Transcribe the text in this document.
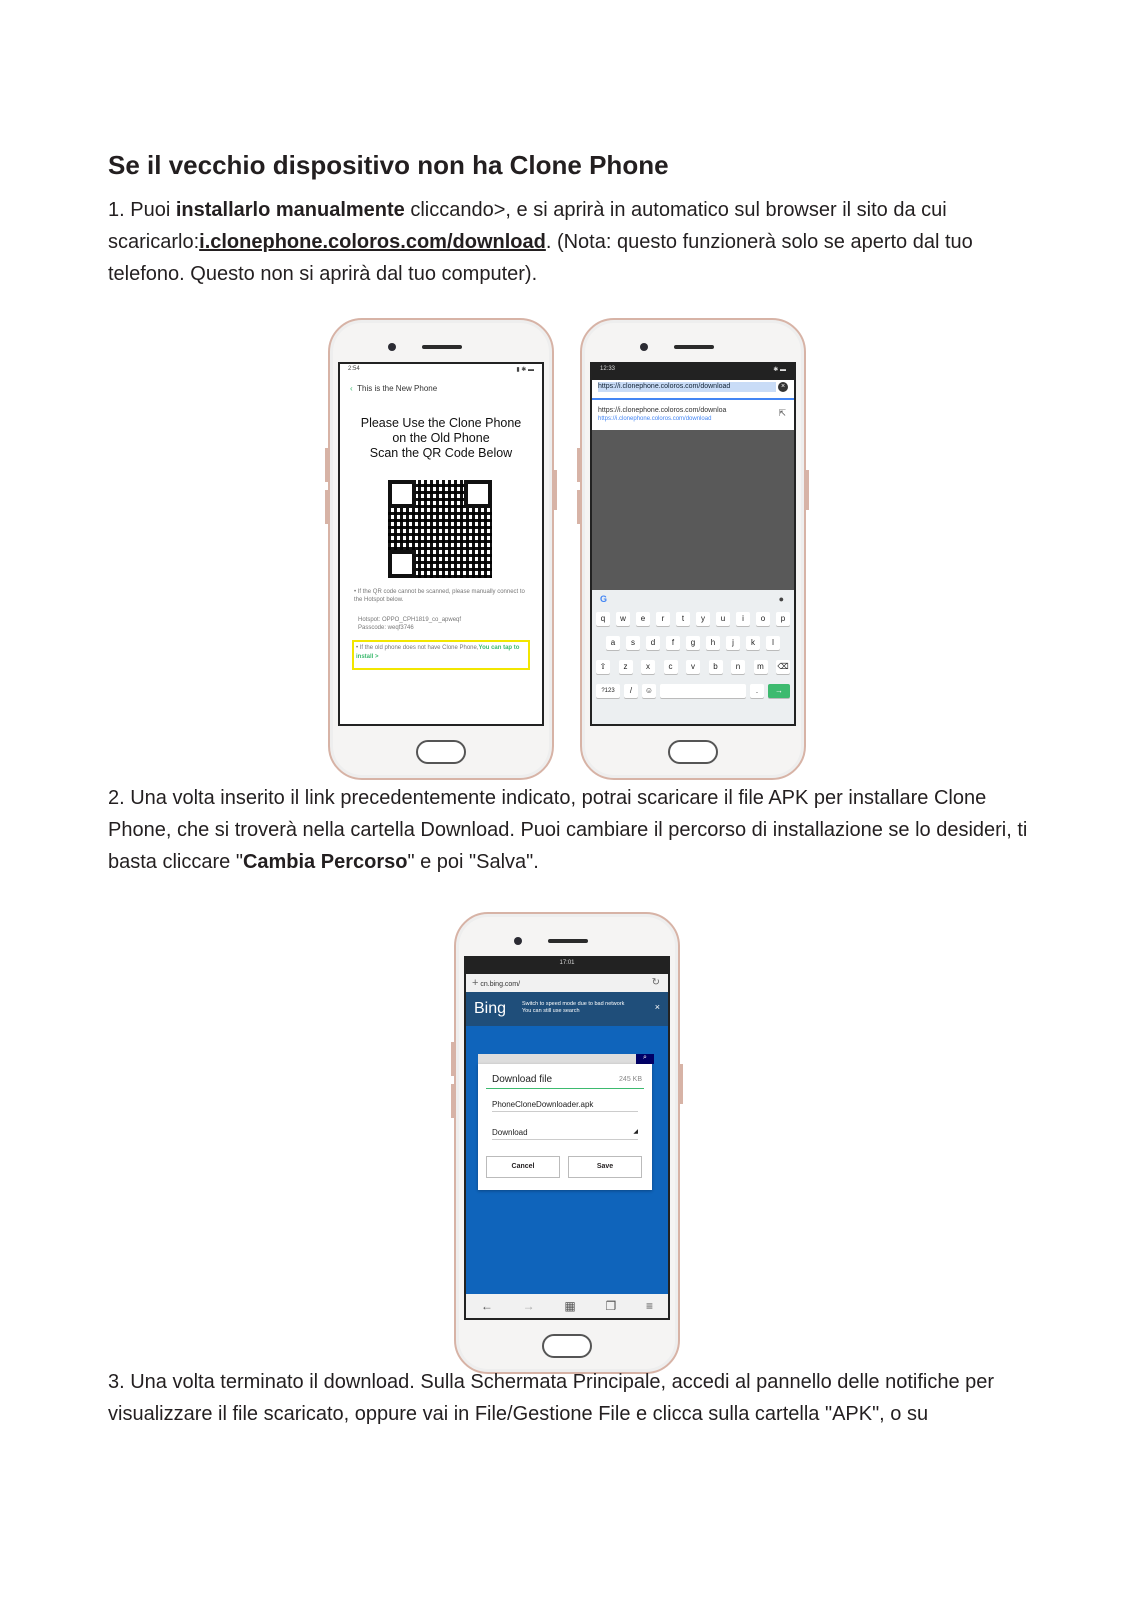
Se il vecchio dispositivo non ha Clone Phone

1. Puoi installarlo manualmente cliccando>, e si aprirà in automatico sul browser il sito da cui scaricarlo:i.clonephone.coloros.com/download. (Nota: questo funzionerà solo se aperto dal tuo telefono. Questo non si aprirà dal tuo computer).

2:54	▮ ✱ ▬
‹ This is the New Phone
Please Use the Clone Phone
on the Old Phone
Scan the QR Code Below
• If the QR code cannot be scanned, please manually connect to the Hotspot below.
Hotspot: OPPO_CPH1819_co_apweqf
Passcode: weqf3746
• If the old phone does not have Clone Phone,You can tap to install >
12:33	✱ ▬
https://i.clonephone.coloros.com/download	×
https://i.clonephone.coloros.com/downloa
https://i.clonephone.coloros.com/download
⇱
G	●
q	w	e	r	t	y	u	i	o	p
a	s	d	f	g	h	j	k	l
⇧	z	x	c	v	b	n	m	⌫
?123	/	☺	.	→

2. Una volta inserito il link precedentemente indicato, potrai scaricare il file APK per installare Clone Phone, che si troverà nella cartella Download. Puoi cambiare il percorso di installazione se lo desideri, ti basta cliccare "Cambia Percorso" e poi "Salva".

17:01
+ cn.bing.com/	↻
Bing	Switch to speed mode due to bad network
You can still use search	×
⌕
Download file	245 KB
PhoneCloneDownloader.apk
Download	◢
Cancel	Save
← → ▦ ❐ ≡

3. Una volta terminato il download. Sulla Schermata Principale, accedi al pannello delle notifiche per visualizzare il file scaricato, oppure vai in File/Gestione File e clicca sulla cartella "APK", o su
